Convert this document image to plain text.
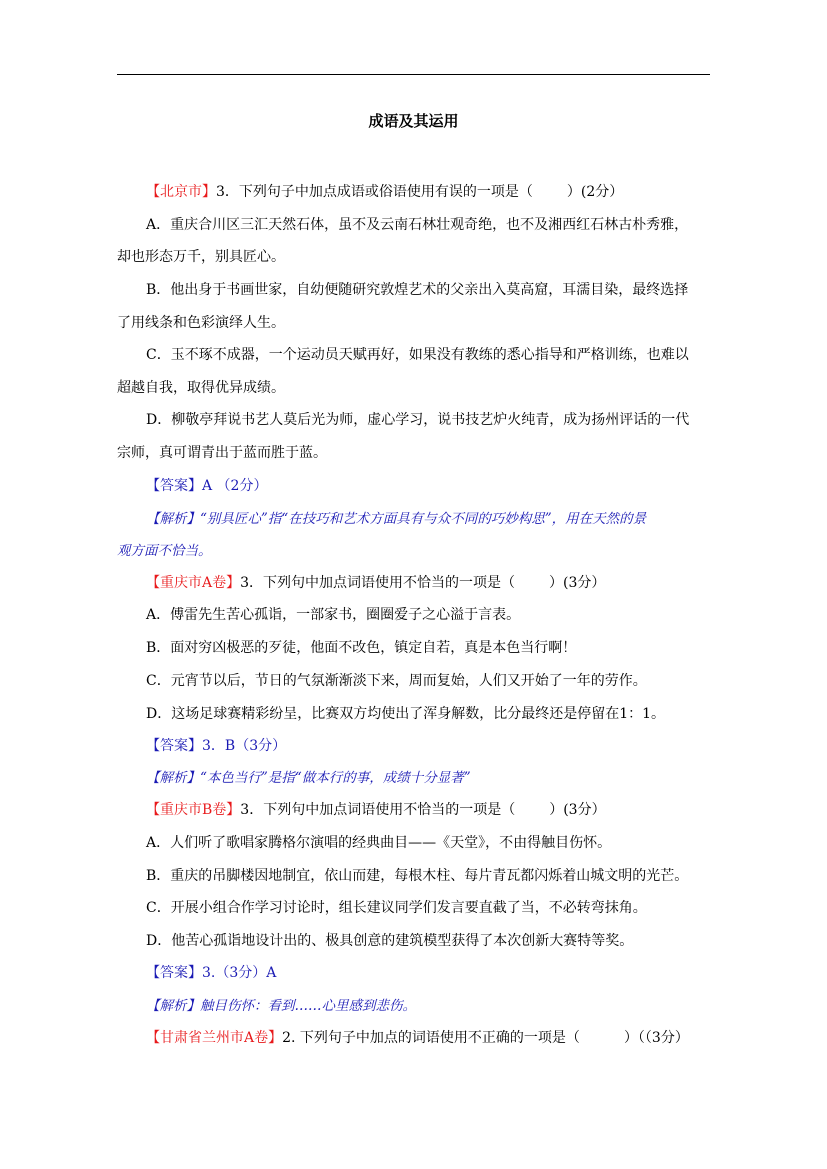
成语及其运用
【北京市】3．下列句子中加点成语或俗语使用有误的一项是（ ）(2分）
A．重庆合川区三汇天然石体，虽不及云南石林壮观奇绝，也不及湘西红石林古朴秀雅，
却也形态万千，别具匠心。
B．他出身于书画世家，自幼便随研究敦煌艺术的父亲出入莫高窟，耳濡目染，最终选择
了用线条和色彩演绎人生。
C．玉不琢不成器，一个运动员天赋再好，如果没有教练的悉心指导和严格训练，也难以
超越自我，取得优异成绩。
D．柳敬亭拜说书艺人莫后光为师，虚心学习，说书技艺炉火纯青，成为扬州评话的一代
宗师，真可谓青出于蓝而胜于蓝。
【答案】A （2分）
【解析】“别具匠心”指“在技巧和艺术方面具有与众不同的巧妙构思”，用在天然的景
观方面不恰当。
【重庆市A卷】3．下列句中加点词语使用不恰当的一项是（ ）(3分）
A．傅雷先生苦心孤诣，一部家书，圈圈爱子之心溢于言表。
B．面对穷凶极恶的歹徒，他面不改色，镇定自若，真是本色当行啊！
C．元宵节以后，节日的气氛渐渐淡下来，周而复始，人们又开始了一年的劳作。
D．这场足球赛精彩纷呈，比赛双方均使出了浑身解数，比分最终还是停留在1：1。
【答案】3．B（3分）
【解析】“本色当行”是指“做本行的事，成绩十分显著”
【重庆市B卷】3．下列句中加点词语使用不恰当的一项是（ ）(3分）
A．人们听了歌唱家腾格尔演唱的经典曲目——《天堂》，不由得触目伤怀。
B．重庆的吊脚楼因地制宜，依山而建，每根木柱、每片青瓦都闪烁着山城文明的光芒。
C．开展小组合作学习讨论时，组长建议同学们发言要直截了当，不必转弯抹角。
D．他苦心孤诣地设计出的、极具创意的建筑模型获得了本次创新大赛特等奖。
【答案】3.（3分）A
【解析】触目伤怀：看到……心里感到悲伤。
【甘肃省兰州市A卷】2. 下列句子中加点的词语使用不正确的一项是（	）（（3分）
